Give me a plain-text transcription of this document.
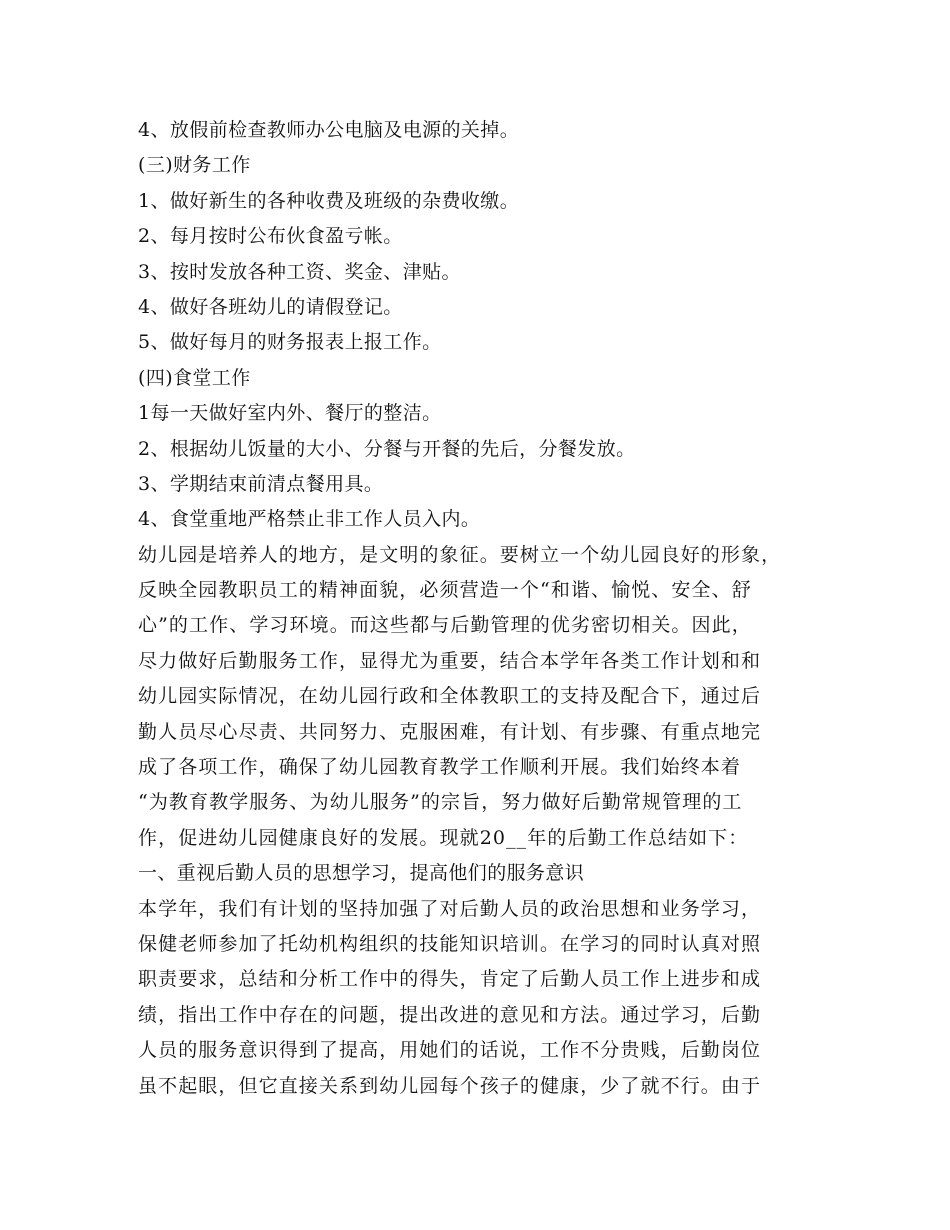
4、放假前检查教师办公电脑及电源的关掉。
(三)财务工作
1、做好新生的各种收费及班级的杂费收缴。
2、每月按时公布伙食盈亏帐。
3、按时发放各种工资、奖金、津贴。
4、做好各班幼儿的请假登记。
5、做好每月的财务报表上报工作。
(四)食堂工作
1每一天做好室内外、餐厅的整洁。
2、根据幼儿饭量的大小、分餐与开餐的先后，分餐发放。
3、学期结束前清点餐用具。
4、食堂重地严格禁止非工作人员入内。
幼儿园是培养人的地方，是文明的象征。要树立一个幼儿园良好的形象，
反映全园教职员工的精神面貌，必须营造一个“和谐、愉悦、安全、舒
心”的工作、学习环境。而这些都与后勤管理的优劣密切相关。因此，
尽力做好后勤服务工作，显得尤为重要，结合本学年各类工作计划和和
幼儿园实际情况，在幼儿园行政和全体教职工的支持及配合下，通过后
勤人员尽心尽责、共同努力、克服困难，有计划、有步骤、有重点地完
成了各项工作，确保了幼儿园教育教学工作顺利开展。我们始终本着
“为教育教学服务、为幼儿服务”的宗旨，努力做好后勤常规管理的工
作，促进幼儿园健康良好的发展。现就20__年的后勤工作总结如下：
一、重视后勤人员的思想学习，提高他们的服务意识
本学年，我们有计划的坚持加强了对后勤人员的政治思想和业务学习，
保健老师参加了托幼机构组织的技能知识培训。在学习的同时认真对照
职责要求，总结和分析工作中的得失，肯定了后勤人员工作上进步和成
绩，指出工作中存在的问题，提出改进的意见和方法。通过学习，后勤
人员的服务意识得到了提高，用她们的话说，工作不分贵贱，后勤岗位
虽不起眼，但它直接关系到幼儿园每个孩子的健康，少了就不行。由于
